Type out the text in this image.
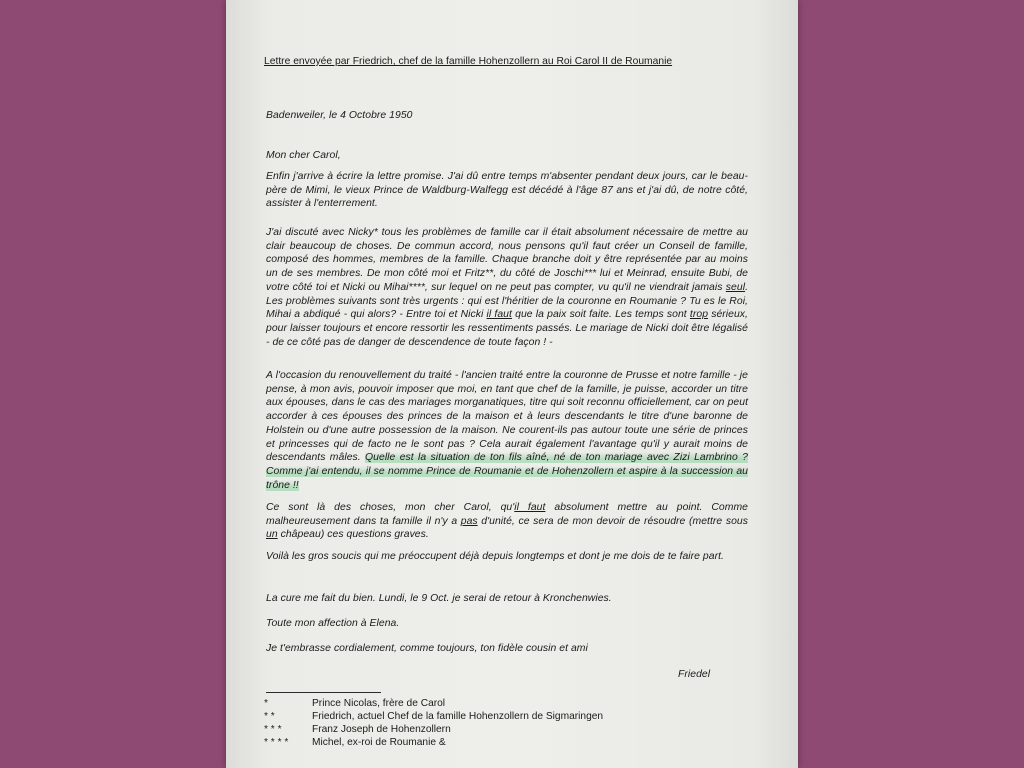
Lettre envoyée par Friedrich, chef de la famille Hohenzollern au Roi Carol II de Roumanie
Badenweiler, le 4 Octobre 1950
Mon cher Carol,
Enfin j'arrive à écrire la lettre promise. J'ai dû entre temps m'absenter pendant deux jours, car le beau-père de Mimi, le vieux Prince de Waldburg-Walfegg est décédé à l'âge 87 ans et j'ai dû, de notre côté, assister à l'enterrement.
J'ai discuté avec Nicky* tous les problèmes de famille car il était absolument nécessaire de mettre au clair beaucoup de choses. De commun accord, nous pensons qu'il faut créer un Conseil de famille, composé des hommes, membres de la famille. Chaque branche doit y être représentée par au moins un de ses membres. De mon côté moi et Fritz**, du côté de Joschi*** lui et Meinrad, ensuite Bubi, de votre côté toi et Nicki ou Mihai****, sur lequel on ne peut pas compter, vu qu'il ne viendrait jamais seul. Les problèmes suivants sont très urgents : qui est l'héritier de la couronne en Roumanie ? Tu es le Roi, Mihai a abdiqué - qui alors? - Entre toi et Nicki il faut que la paix soit faite. Les temps sont trop sérieux, pour laisser toujours et encore ressortir les ressentiments passés. Le mariage de Nicki doit être légalisé - de ce côté pas de danger de descendence de toute façon ! -
A l'occasion du renouvellement du traité - l'ancien traité entre la couronne de Prusse et notre famille - je pense, à mon avis, pouvoir imposer que moi, en tant que chef de la famille, je puisse, accorder un titre aux épouses, dans le cas des mariages morganatiques, titre qui soit reconnu officiellement, car on peut accorder à ces épouses des princes de la maison et à leurs descendants le titre d'une baronne de Holstein ou d'une autre possession de la maison. Ne courent-ils pas autour toute une série de princes et princesses qui de facto ne le sont pas ? Cela aurait également l'avantage qu'il y aurait moins de descendants mâles. Quelle est la situation de ton fils aîné, né de ton mariage avec Zizi Lambrino ? Comme j'ai entendu, il se nomme Prince de Roumanie et de Hohenzollern et aspire à la succession au trône !!
Ce sont là des choses, mon cher Carol, qu'il faut absolument mettre au point. Comme malheureusement dans ta famille il n'y a pas d'unité, ce sera de mon devoir de résoudre (mettre sous un châpeau) ces questions graves.
Voilà les gros soucis qui me préoccupent déjà depuis longtemps et dont je me dois de te faire part.
La cure me fait du bien. Lundi, le 9 Oct. je serai de retour à Kronchenwies.
Toute mon affection à Elena.
Je t'embrasse cordialement, comme toujours, ton fidèle cousin et ami
Friedel
*	Prince Nicolas, frère de Carol
* *	Friedrich, actuel Chef de la famille Hohenzollern de Sigmaringen
* * *	Franz Joseph de Hohenzollern
* * * * Michel, ex-roi de Roumanie &
